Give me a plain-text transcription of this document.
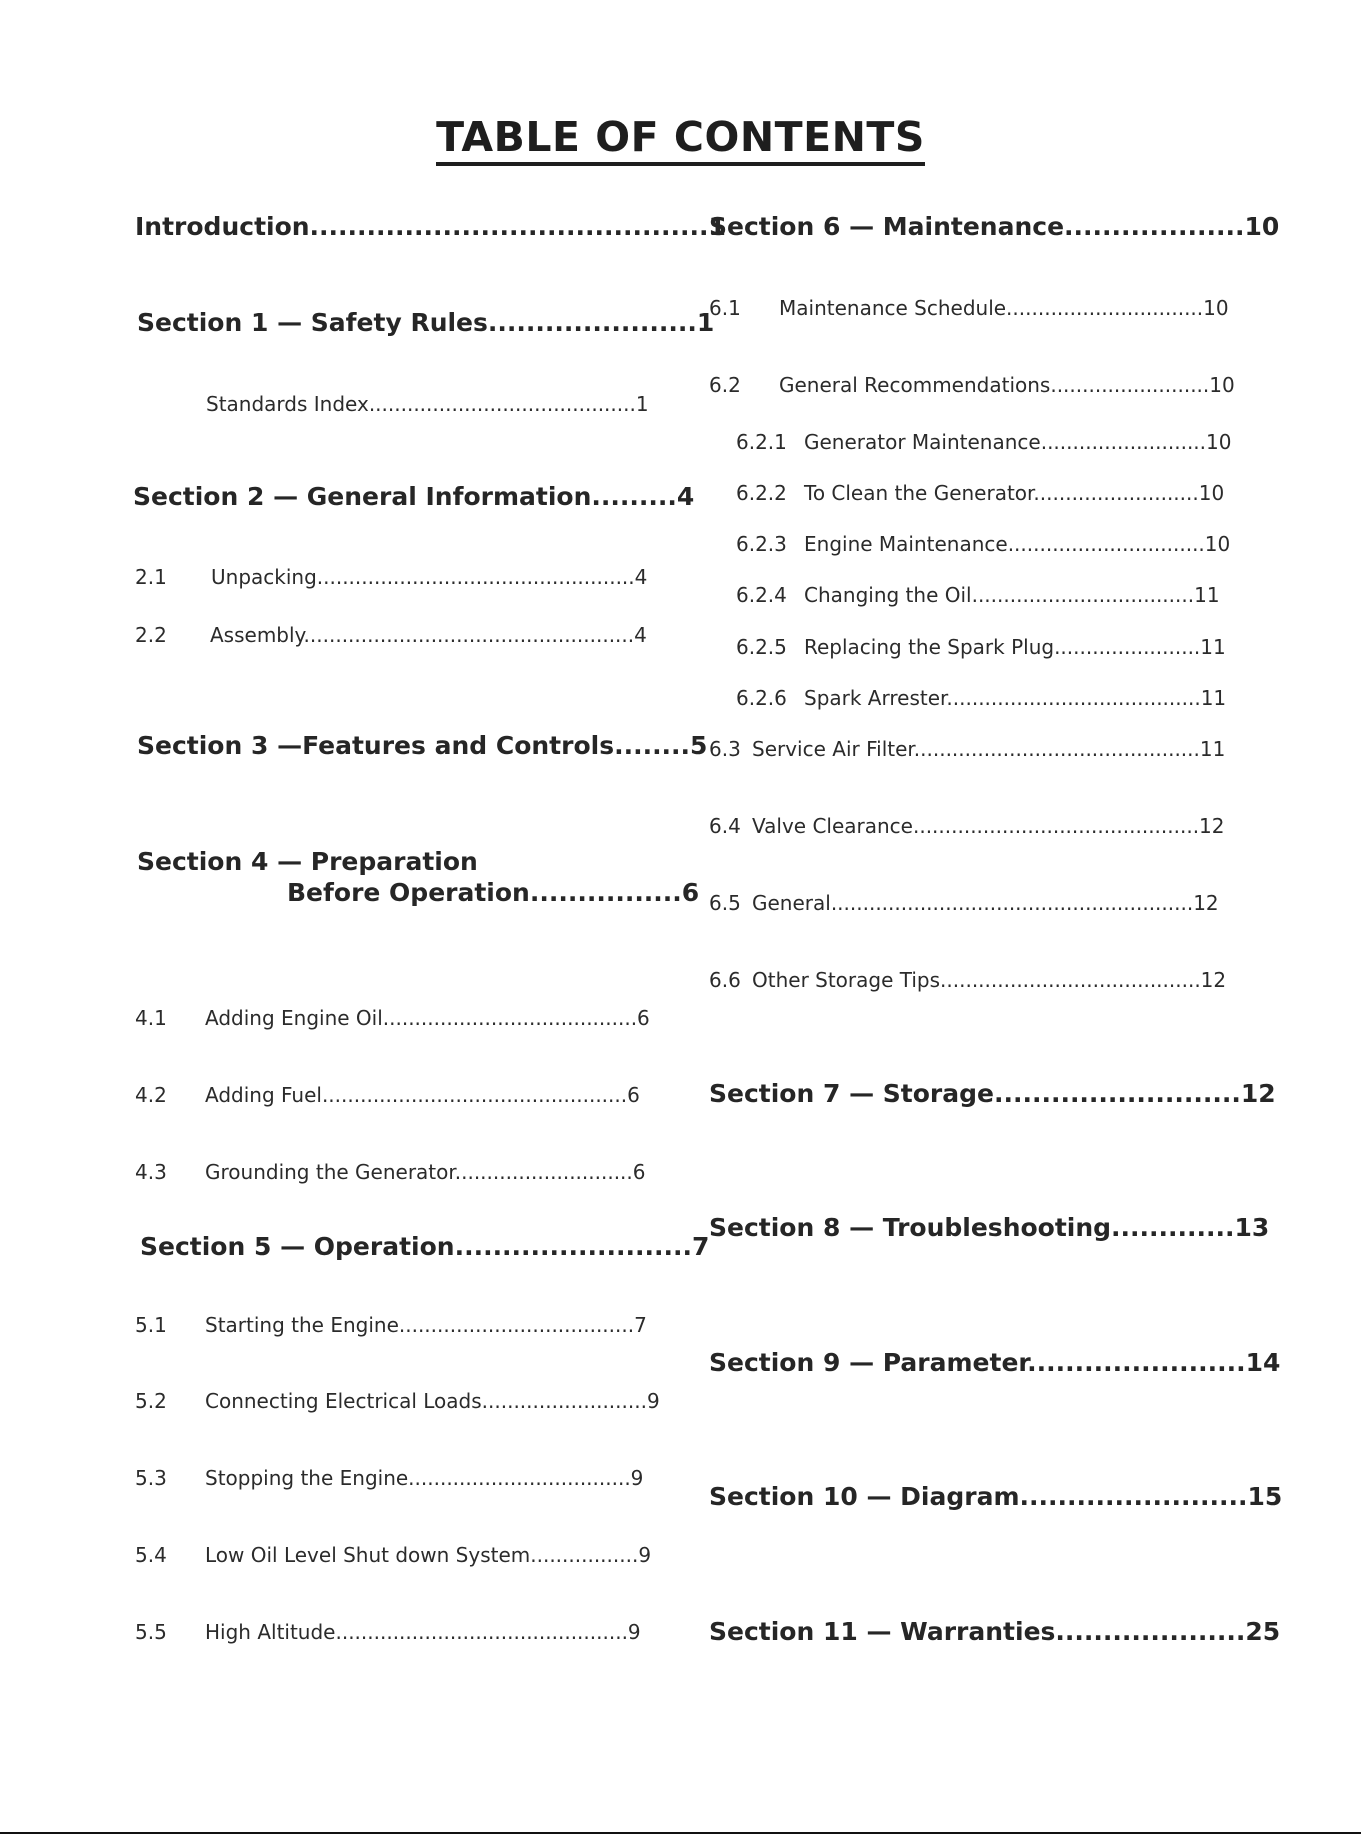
TABLE OF CONTENTS
Introduction..........................................1
Section 1 — Safety Rules......................1
Standards Index..........................................1
Section 2 — General Information.........4
2.1 Unpacking..................................................4
2.2 Assembly....................................................4
Section 3 —Features and Controls........5
Section 4 — Preparation
Before Operation................6
4.1 Adding Engine Oil........................................6
4.2 Adding Fuel................................................6
4.3 Grounding the Generator............................6
Section 5 — Operation.........................7
5.1 Starting the Engine.....................................7
5.2 Connecting Electrical Loads..........................9
5.3 Stopping the Engine...................................9
5.4 Low Oil Level Shut down System.................9
5.5 High Altitude..............................................9
Section 6 — Maintenance...................10
6.1 Maintenance Schedule...............................10
6.2 General Recommendations.........................10
6.2.1 Generator Maintenance..........................10
6.2.2 To Clean the Generator..........................10
6.2.3 Engine Maintenance...............................10
6.2.4 Changing the Oil...................................11
6.2.5 Replacing the Spark Plug.......................11
6.2.6 Spark Arrester........................................11
6.3 Service Air Filter.............................................11
6.4 Valve Clearance.............................................12
6.5 General.........................................................12
6.6 Other Storage Tips.........................................12
Section 7 — Storage..........................12
Section 8 — Troubleshooting.............13
Section 9 — Parameter.......................14
Section 10 — Diagram........................15
Section 11 — Warranties....................25
